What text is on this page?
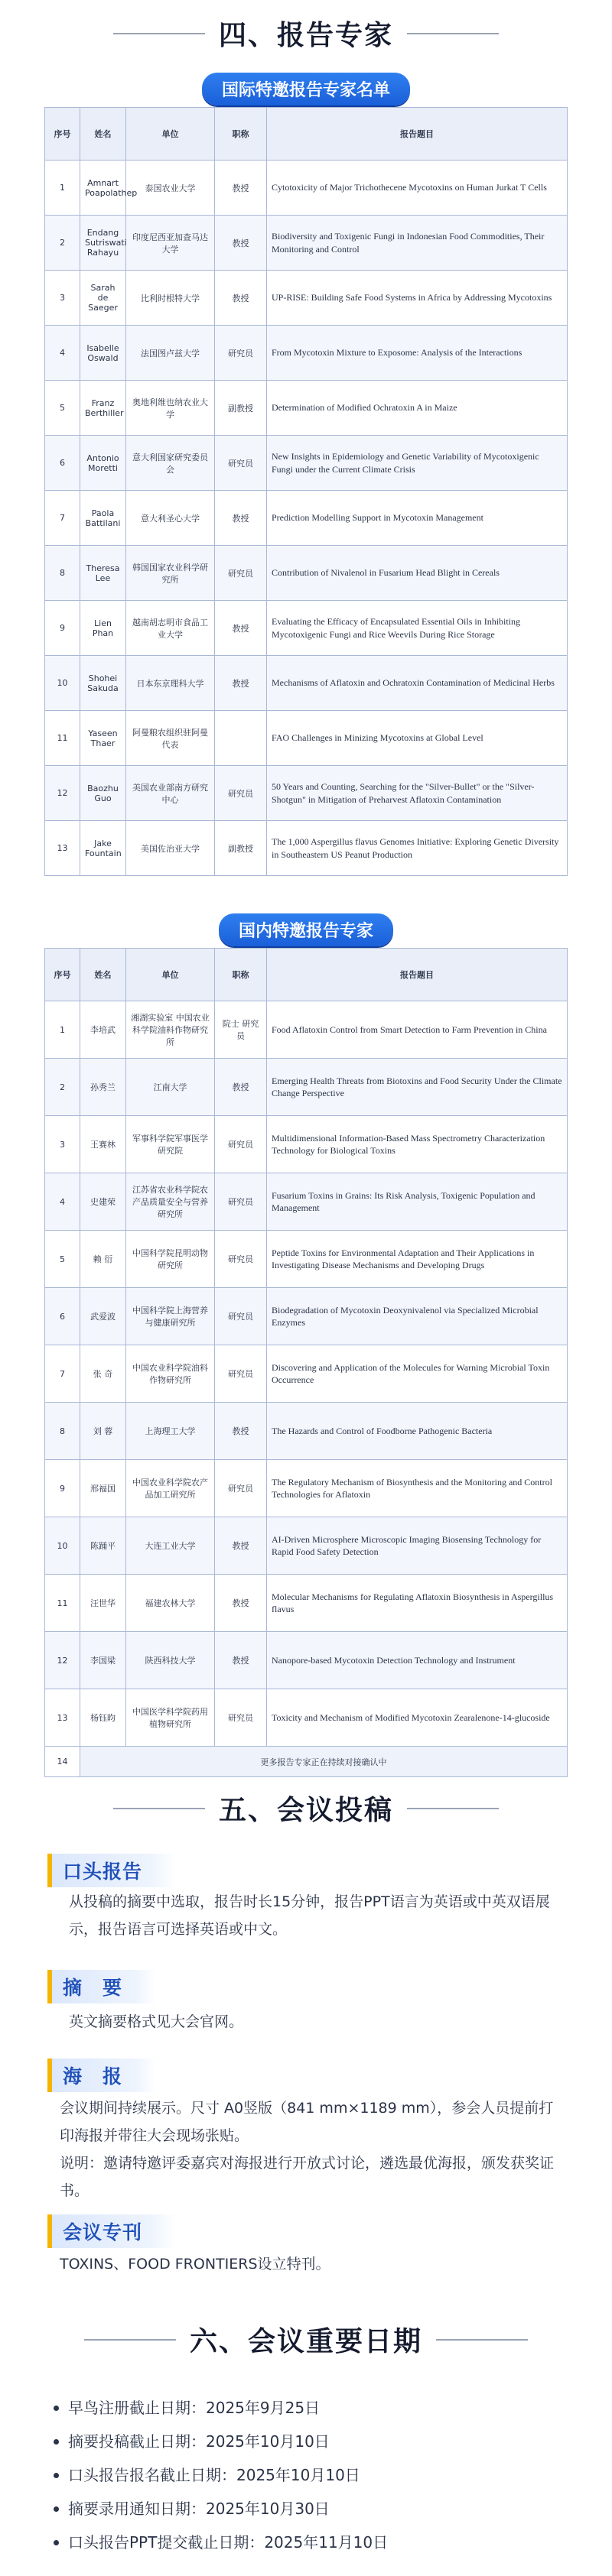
四、报告专家
国际特邀报告专家名单
序号	姓名	单位	职称	报告题目
1	Amnart Poapolathep	泰国农业大学	教授	Cytotoxicity of Major Trichothecene Mycotoxins on Human Jurkat T Cells
2	Endang Sutriswati Rahayu	印度尼西亚加查马达大学	教授	Biodiversity and Toxigenic Fungi in Indonesian Food Commodities, Their Monitoring and Control
3	Sarah de Saeger	比利时根特大学	教授	UP-RISE: Building Safe Food Systems in Africa by Addressing Mycotoxins
4	Isabelle Oswald	法国图卢兹大学	研究员	From Mycotoxin Mixture to Exposome: Analysis of the Interactions
5	Franz Berthiller	奥地利维也纳农业大学	副教授	Determination of Modified Ochratoxin A in Maize
6	Antonio Moretti	意大利国家研究委员会	研究员	New Insights in Epidemiology and Genetic Variability of Mycotoxigenic Fungi under the Current Climate Crisis
7	Paola Battilani	意大利圣心大学	教授	Prediction Modelling Support in Mycotoxin Management
8	Theresa Lee	韩国国家农业科学研究所	研究员	Contribution of Nivalenol in Fusarium Head Blight in Cereals
9	Lien Phan	越南胡志明市食品工业大学	教授	Evaluating the Efficacy of Encapsulated Essential Oils in Inhibiting Mycotoxigenic Fungi and Rice Weevils During Rice Storage
10	Shohei Sakuda	日本东京理科大学	教授	Mechanisms of Aflatoxin and Ochratoxin Contamination of Medicinal Herbs
11	Yaseen Thaer	阿曼粮农组织驻阿曼代表		FAO Challenges in Minizing Mycotoxins at Global Level
12	Baozhu Guo	美国农业部南方研究中心	研究员	50 Years and Counting, Searching for the "Silver-Bullet" or the "Silver-Shotgun" in Mitigation of Preharvest Aflatoxin Contamination
13	Jake Fountain	美国佐治亚大学	副教授	The 1,000 Aspergillus flavus Genomes Initiative: Exploring Genetic Diversity in Southeastern US Peanut Production
国内特邀报告专家
序号	姓名	单位	职称	报告题目
1	李培武	湘湖实验室 中国农业科学院油料作物研究所	院士 研究员	Food Aflatoxin Control from Smart Detection to Farm Prevention in China
2	孙秀兰	江南大学	教授	Emerging Health Threats from Biotoxins and Food Security Under the Climate Change Perspective
3	王赛林	军事科学院军事医学研究院	研究员	Multidimensional Information-Based Mass Spectrometry Characterization Technology for Biological Toxins
4	史建荣	江苏省农业科学院农产品质量安全与营养研究所	研究员	Fusarium Toxins in Grains: Its Risk Analysis, Toxigenic Population and Management
5	赖 衍	中国科学院昆明动物研究所	研究员	Peptide Toxins for Environmental Adaptation and Their Applications in Investigating Disease Mechanisms and Developing Drugs
6	武爱波	中国科学院上海营养与健康研究所	研究员	Biodegradation of Mycotoxin Deoxynivalenol via Specialized Microbial Enzymes
7	张 奇	中国农业科学院油料作物研究所	研究员	Discovering and Application of the Molecules for Warning Microbial Toxin Occurrence
8	刘 蓉	上海理工大学	教授	The Hazards and Control of Foodborne Pathogenic Bacteria
9	邢福国	中国农业科学院农产品加工研究所	研究员	The Regulatory Mechanism of Biosynthesis and the Monitoring and Control Technologies for Aflatoxin
10	陈踊平	大连工业大学	教授	AI-Driven Microsphere Microscopic Imaging Biosensing Technology for Rapid Food Safety Detection
11	汪世华	福建农林大学	教授	Molecular Mechanisms for Regulating Aflatoxin Biosynthesis in Aspergillus flavus
12	李国梁	陕西科技大学	教授	Nanopore-based Mycotoxin Detection Technology and Instrument
13	杨钰昀	中国医学科学院药用植物研究所	研究员	Toxicity and Mechanism of Modified Mycotoxin Zearalenone-14-glucoside
14	更多报告专家正在持续对接确认中			
五、会议投稿
口头报告

从投稿的摘要中选取，报告时长15分钟，报告PPT语言为英语或中英双语展示，报告语言可选择英语或中文。

摘　要

英文摘要格式见大会官网。

海　报

会议期间持续展示。尺寸 A0竖版（841 mm×1189 mm），参会人员提前打印海报并带往大会现场张贴。

说明：邀请特邀评委嘉宾对海报进行开放式讨论，遴选最优海报，颁发获奖证书。

会议专刊

TOXINS、FOOD FRONTIERS设立特刊。

六、会议重要日期
早鸟注册截止日期：2025年9月25日
摘要投稿截止日期：2025年10月10日
口头报告报名截止日期：2025年10月10日
摘要录用通知日期：2025年10月30日
口头报告PPT提交截止日期：2025年11月10日
